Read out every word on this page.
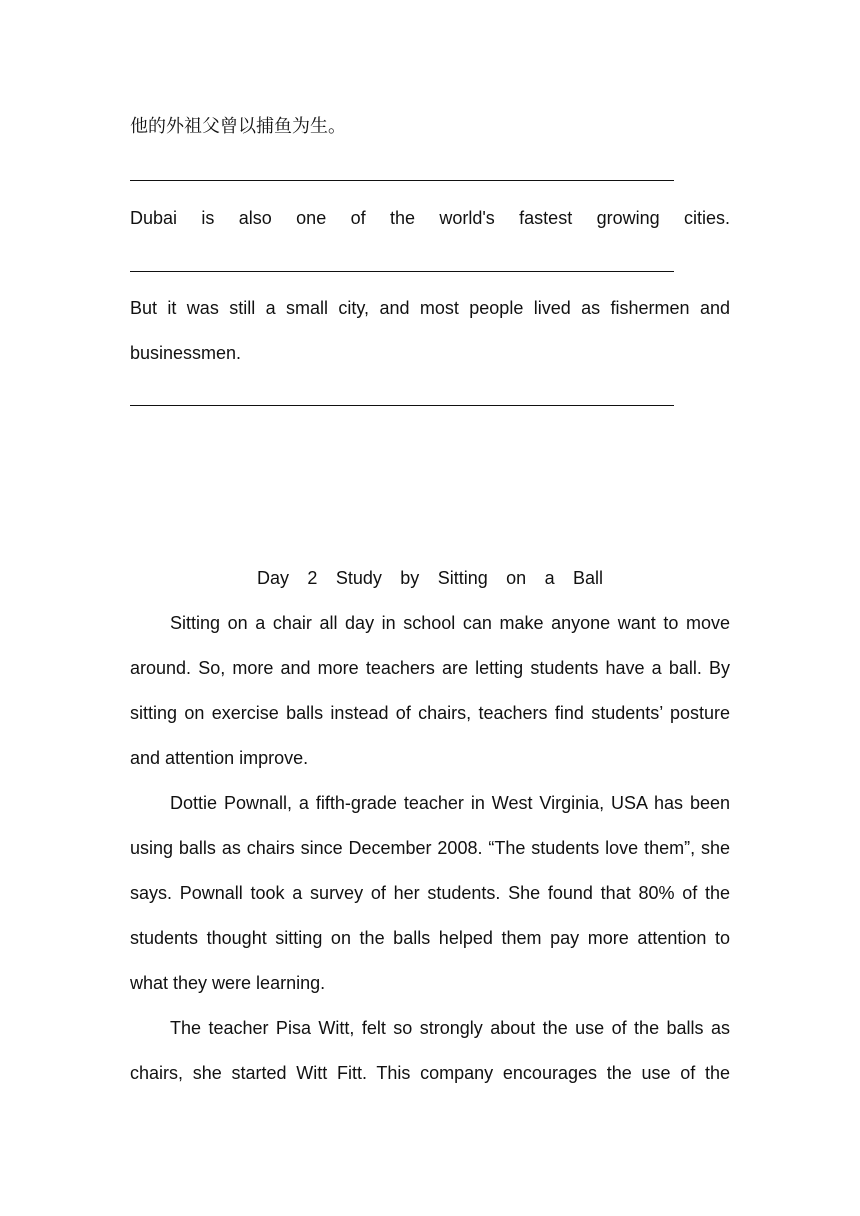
他的外祖父曾以捕鱼为生。
Dubai is also one of the world's fastest growing cities.
But it was still a small city, and most people lived as fishermen and
businessmen.
Day 2 Study by Sitting on a Ball
Sitting on a chair all day in school can make anyone want to move
around. So, more and more teachers are letting students have a ball. By
sitting on exercise balls instead of chairs, teachers find students’ posture
and attention improve.
Dottie Pownall, a fifth-grade teacher in West Virginia, USA has been
using balls as chairs since December 2008. “The students love them”, she
says. Pownall took a survey of her students. She found that 80% of the
students thought sitting on the balls helped them pay more attention to
what they were learning.
The teacher Pisa Witt, felt so strongly about the use of the balls as
chairs, she started Witt Fitt. This company encourages the use of the
